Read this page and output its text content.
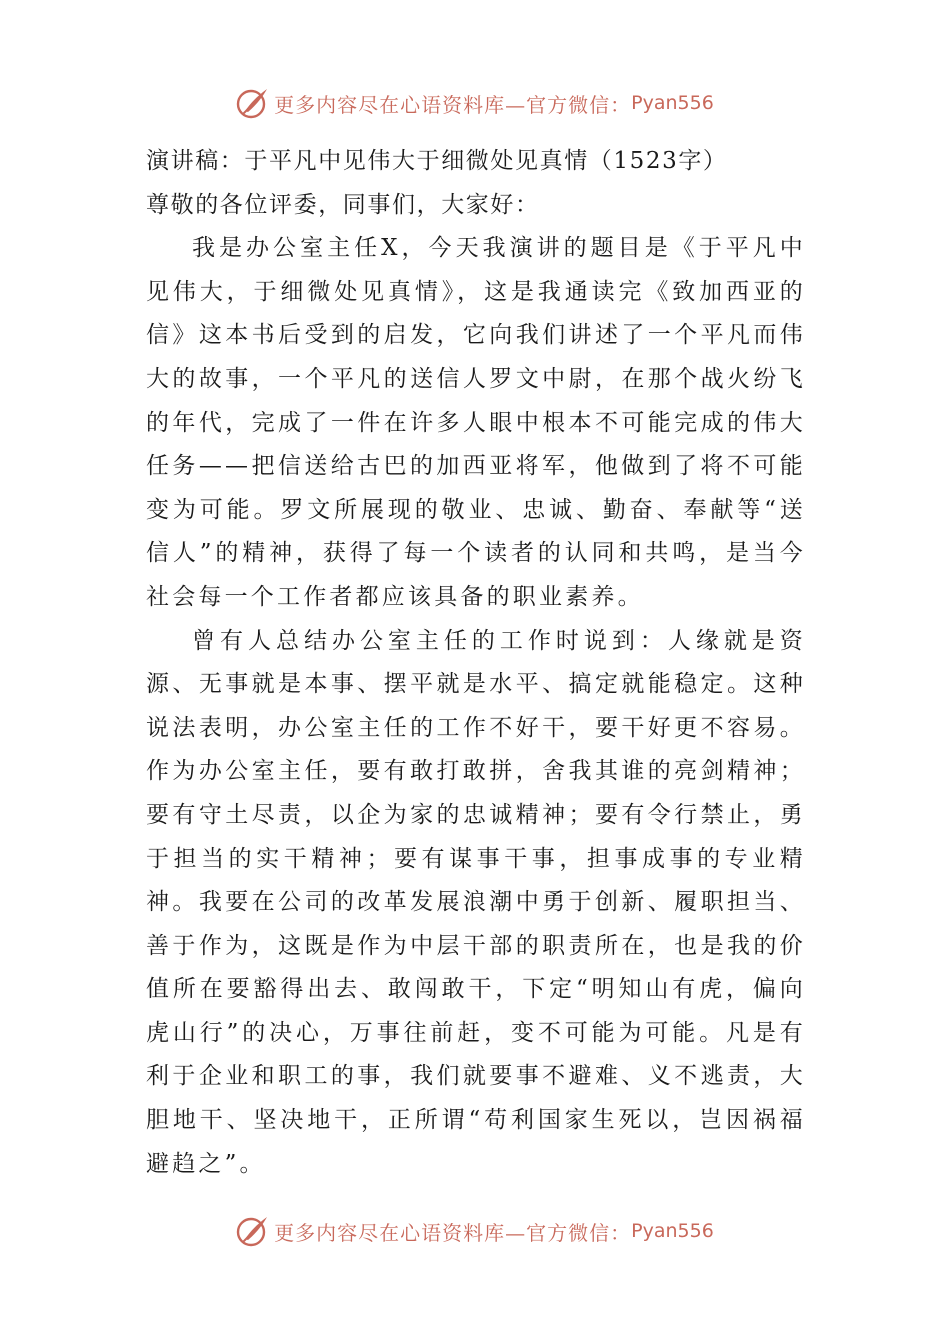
更多内容尽在心语资料库—官方微信： Pyan556
演讲稿：于平凡中见伟大于细微处见真情（1523字）
尊敬的各位评委，同事们，大家好：

我是办公室主任X，今天我演讲的题目是《于平凡中见伟大，于细微处见真情》，这是我通读完《致加西亚的信》这本书后受到的启发，它向我们讲述了一个平凡而伟大的故事，一个平凡的送信人罗文中尉，在那个战火纷飞的年代，完成了一件在许多人眼中根本不可能完成的伟大任务——把信送给古巴的加西亚将军，他做到了将不可能变为可能。罗文所展现的敬业、忠诚、勤奋、奉献等“送信人”的精神，获得了每一个读者的认同和共鸣，是当今社会每一个工作者都应该具备的职业素养。

曾有人总结办公室主任的工作时说到：人缘就是资源、无事就是本事、摆平就是水平、搞定就能稳定。这种说法表明，办公室主任的工作不好干，要干好更不容易。作为办公室主任，要有敢打敢拼，舍我其谁的亮剑精神；要有守土尽责，以企为家的忠诚精神；要有令行禁止，勇于担当的实干精神；要有谋事干事，担事成事的专业精神。我要在公司的改革发展浪潮中勇于创新、履职担当、善于作为，这既是作为中层干部的职责所在，也是我的价值所在要豁得出去、敢闯敢干，下定“明知山有虎，偏向虎山行”的决心，万事往前赶，变不可能为可能。凡是有利于企业和职工的事，我们就要事不避难、义不逃责，大胆地干、坚决地干，正所谓“苟利国家生死以，岂因祸福避趋之”。

更多内容尽在心语资料库—官方微信： Pyan556
